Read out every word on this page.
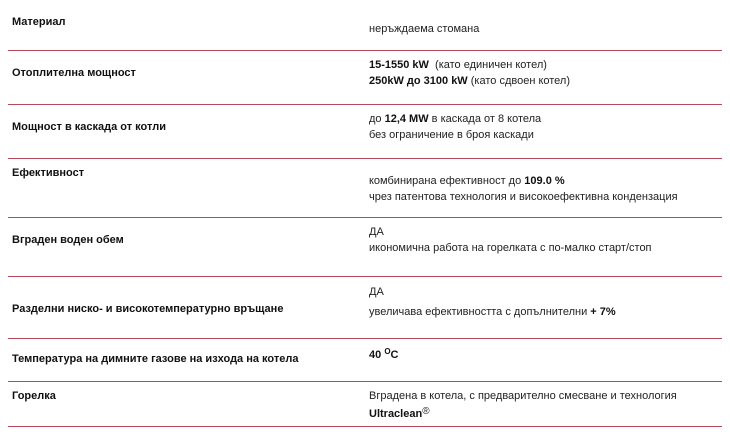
Материал
неръждаема стомана
Отоплителна мощност
15-1550 kW  (като единичен котел)
250kW до 3100 kW (като сдвоен котел)
Мощност в каскада от котли
до 12,4 MW в каскада от 8 котела
без ограничение в броя каскади
Ефективност
комбинирана ефективност до 109.0 %
чрез патентова технология и високоефективна кондензация
Вграден воден обем
ДА
икономична работа на горелката с по-малко старт/стоп
Разделни ниско- и високотемпературно връщане
ДА
увеличава ефективността с допълнителни + 7%
Температура на димните газове на изхода на котела	40 $^O$C
Горелка	Вградена в котела, с предварително смесване и технология
Ultraclean®
